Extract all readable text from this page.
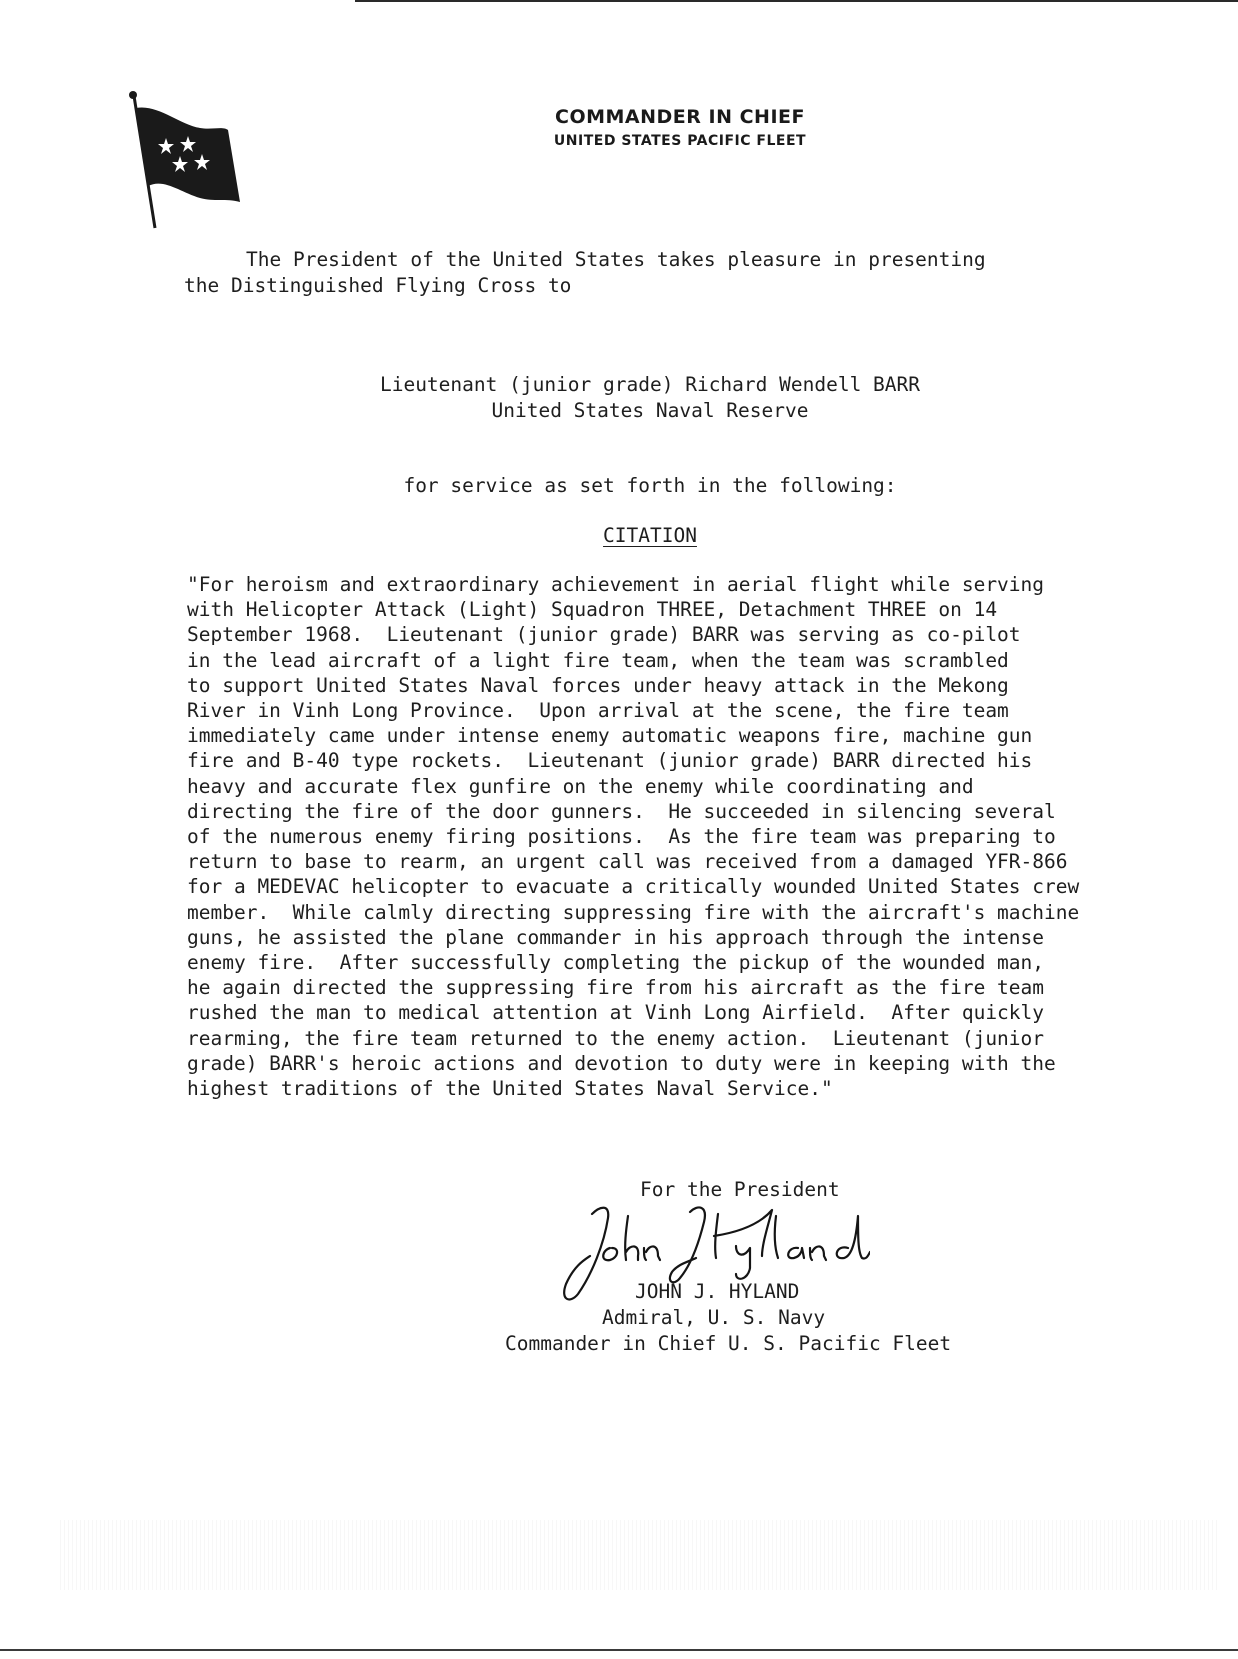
COMMANDER IN CHIEF
UNITED STATES PACIFIC FLEET
The President of the United States takes pleasure in presenting
the Distinguished Flying Cross to
Lieutenant (junior grade) Richard Wendell BARR
United States Naval Reserve
for service as set forth in the following:
CITATION
"For heroism and extraordinary achievement in aerial flight while serving
with Helicopter Attack (Light) Squadron THREE, Detachment THREE on 14
September 1968.  Lieutenant (junior grade) BARR was serving as co-pilot
in the lead aircraft of a light fire team, when the team was scrambled
to support United States Naval forces under heavy attack in the Mekong
River in Vinh Long Province.  Upon arrival at the scene, the fire team
immediately came under intense enemy automatic weapons fire, machine gun
fire and B-40 type rockets.  Lieutenant (junior grade) BARR directed his
heavy and accurate flex gunfire on the enemy while coordinating and
directing the fire of the door gunners.  He succeeded in silencing several
of the numerous enemy firing positions.  As the fire team was preparing to
return to base to rearm, an urgent call was received from a damaged YFR-866
for a MEDEVAC helicopter to evacuate a critically wounded United States crew
member.  While calmly directing suppressing fire with the aircraft's machine
guns, he assisted the plane commander in his approach through the intense
enemy fire.  After successfully completing the pickup of the wounded man,
he again directed the suppressing fire from his aircraft as the fire team
rushed the man to medical attention at Vinh Long Airfield.  After quickly
rearming, the fire team returned to the enemy action.  Lieutenant (junior
grade) BARR's heroic actions and devotion to duty were in keeping with the
highest traditions of the United States Naval Service."
For the President
JOHN J. HYLAND
Admiral, U. S. Navy
Commander in Chief U. S. Pacific Fleet
